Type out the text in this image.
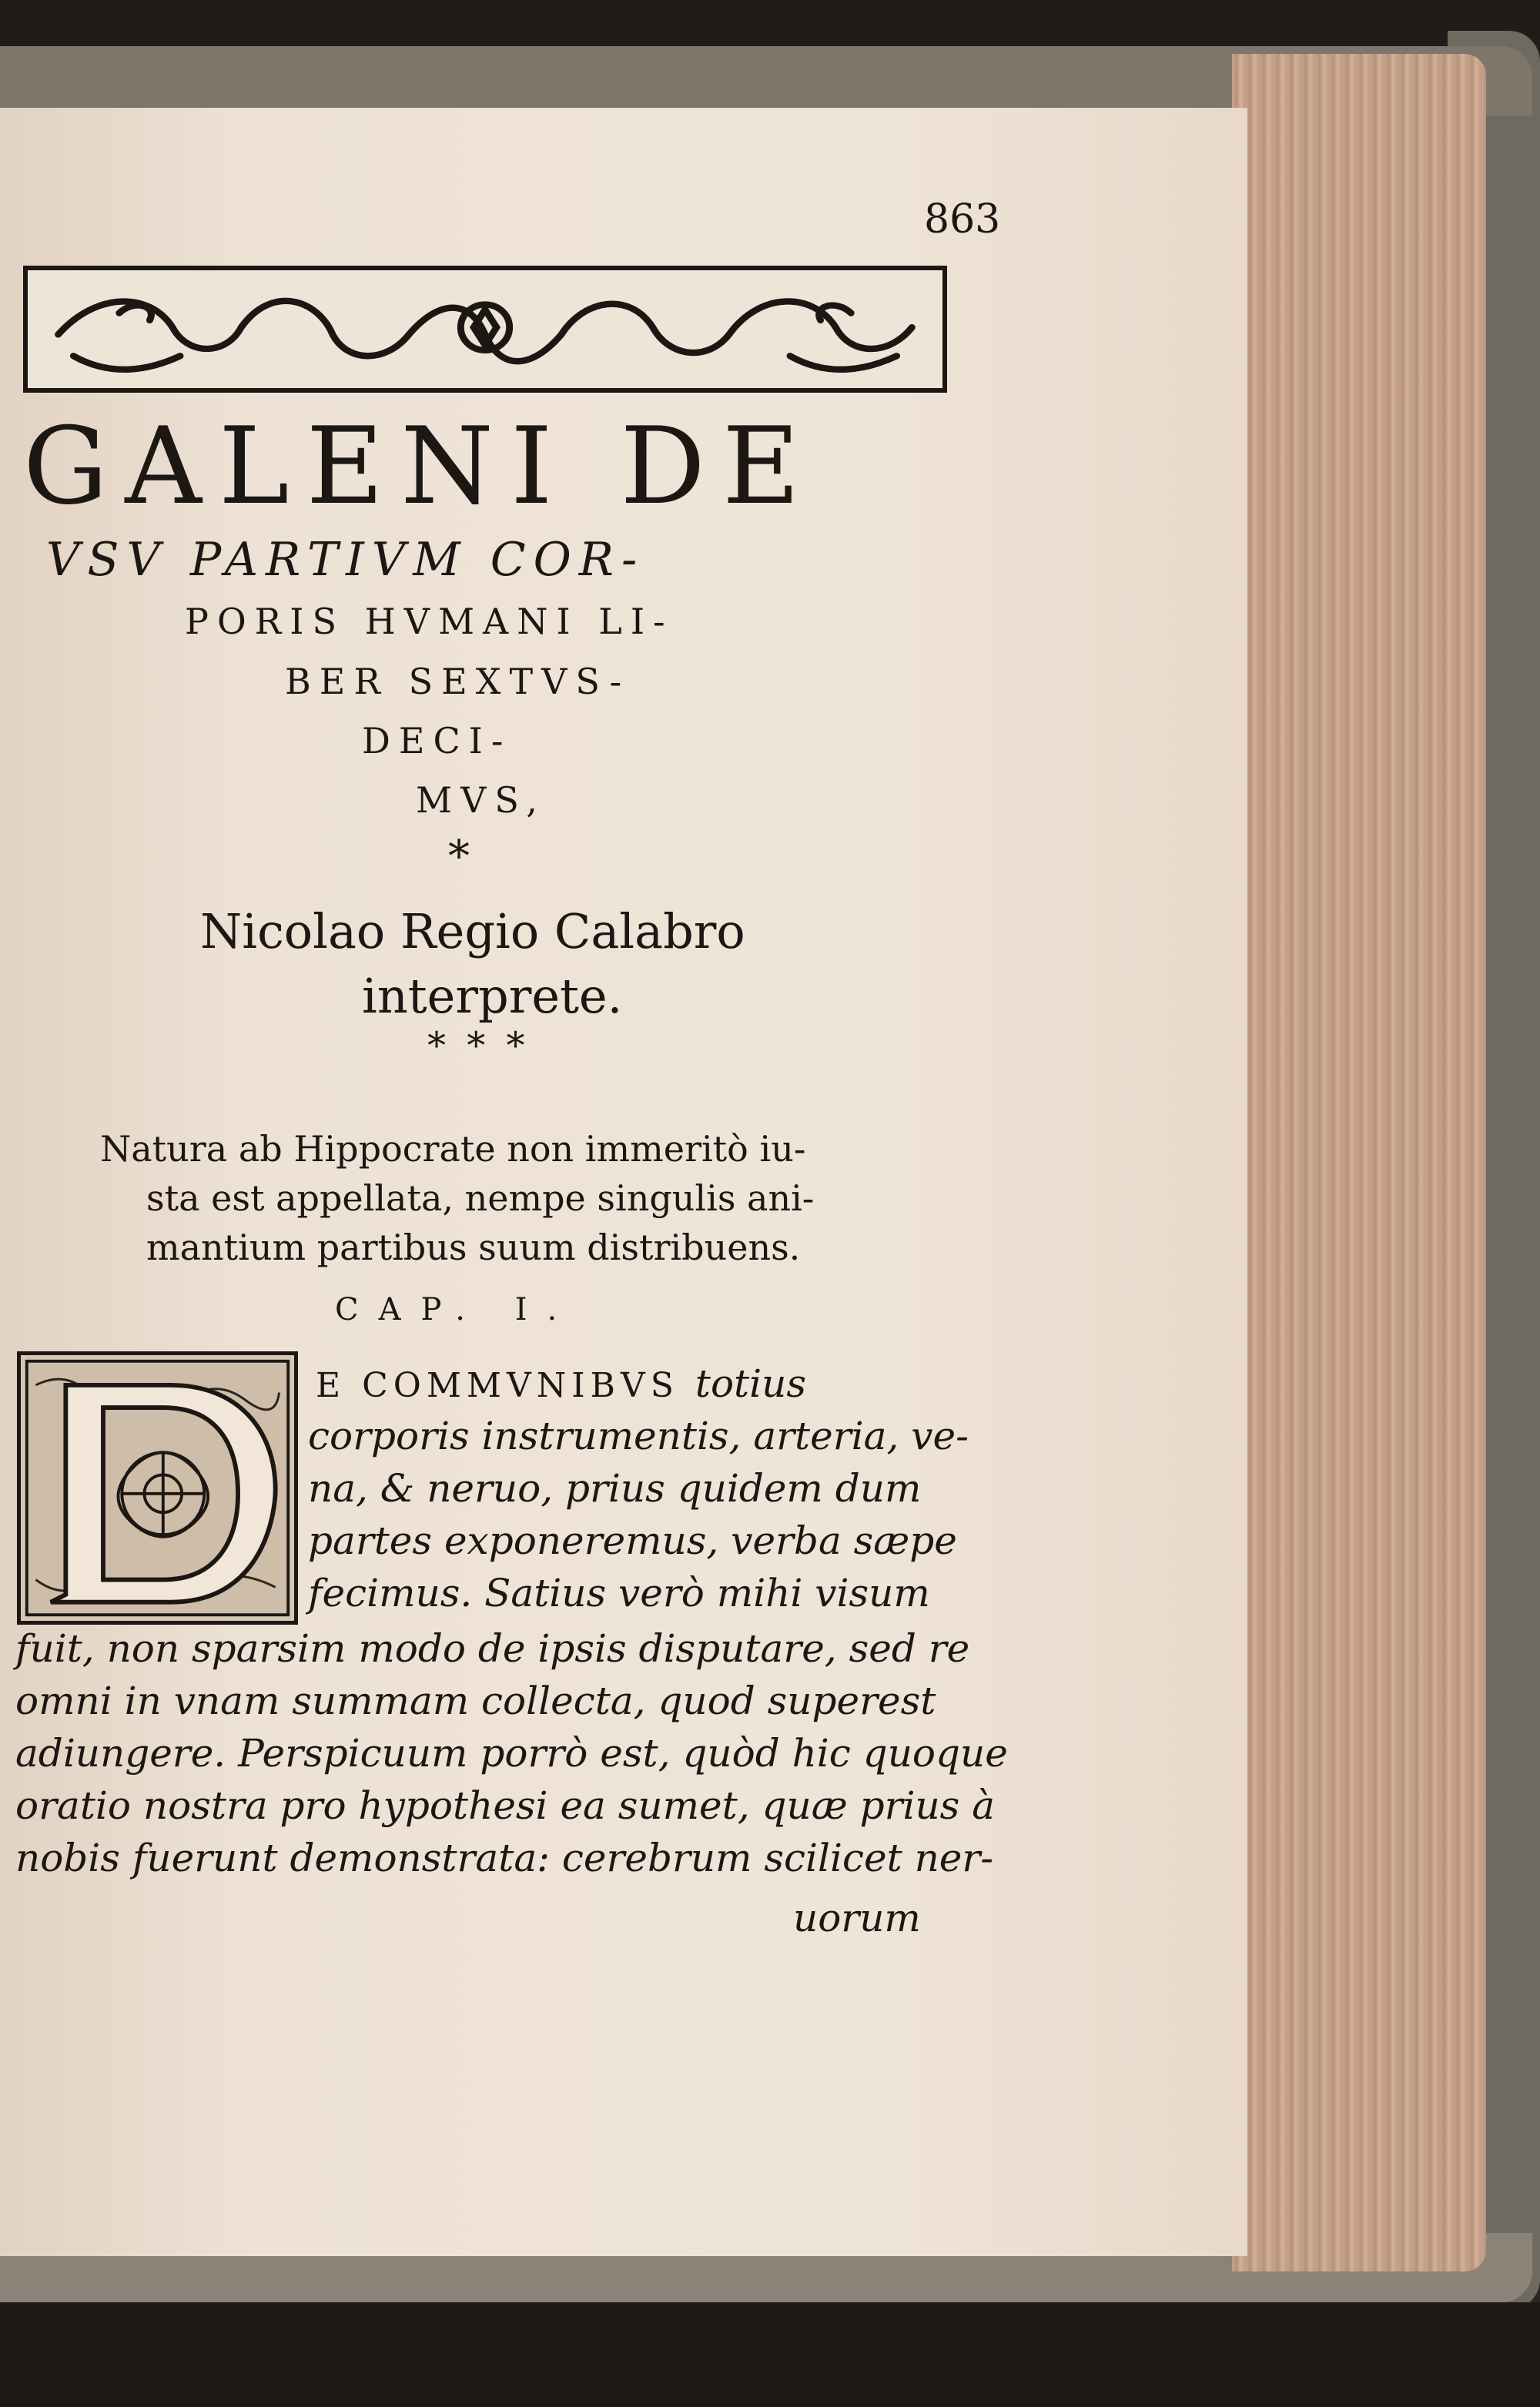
863
GALENI DE
VSV PARTIVM COR-
PORIS HVMANI LI-
BER SEXTVS-
DECI-
MVS,
*
Nicolao Regio Calabro
interprete.
* * *
Natura ab Hippocrate non immeritò iu-
sta est appellata, nempe singulis ani-
mantium partibus suum distribuens.
CAP. I.
E COMMVNIBVS totius
corporis instrumentis, arteria, ve-
na, & neruo, prius quidem dum
partes exponeremus, verba sæpe
fecimus. Satius verò mihi visum
fuit, non sparsim modo de ipsis disputare, sed re
omni in vnam summam collecta, quod superest
adiungere. Perspicuum porrò est, quòd hic quoque
oratio nostra pro hypothesi ea sumet, quæ prius à
nobis fuerunt demonstrata: cerebrum scilicet ner-
uorum
